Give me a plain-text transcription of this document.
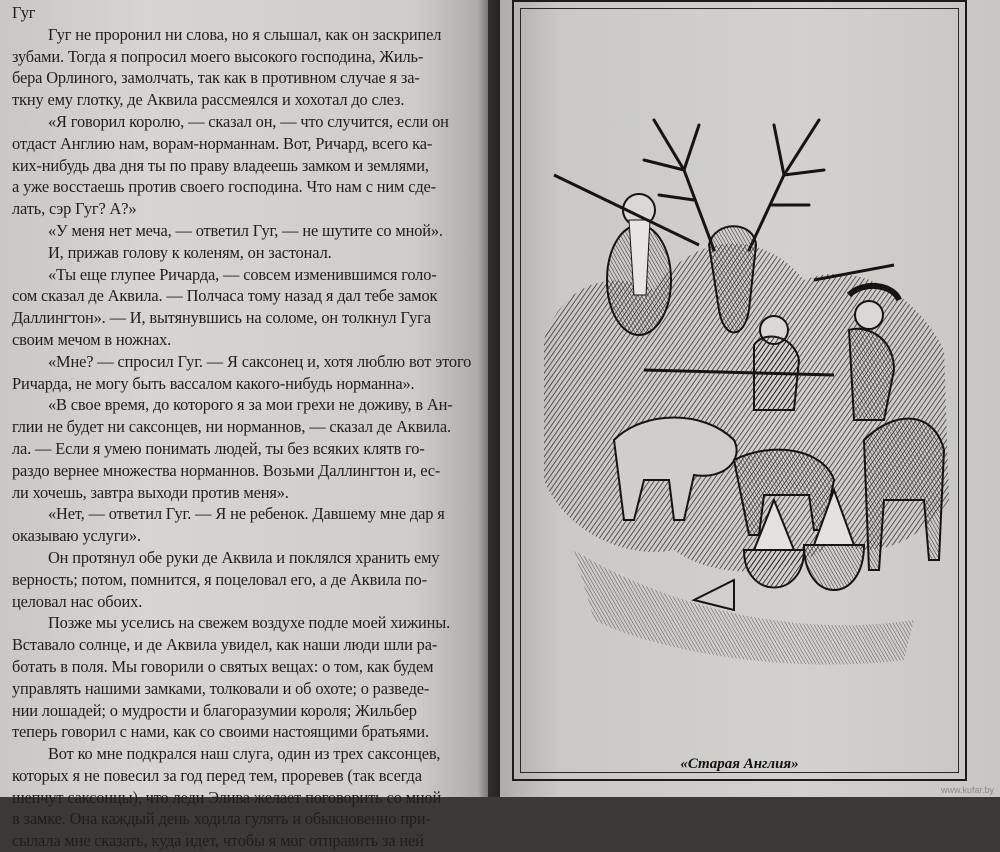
Гуг
Гуг не проронил ни слова, но я слышал, как он заскрипел
зубами. Тогда я попросил моего высокого господина, Жиль-
бера Орлиного, замолчать, так как в противном случае я за-
ткну ему глотку, де Аквила рассмеялся и хохотал до слез.
«Я говорил королю, — сказал он, — что случится, если он
отдаст Англию нам, ворам-норманнам. Вот, Ричард, всего ка-
ких-нибудь два дня ты по праву владеешь замком и землями,
а уже восстаешь против своего господина. Что нам с ним сде-
лать, сэр Гуг? А?»
«У меня нет меча, — ответил Гуг, — не шутите со мной».
И, прижав голову к коленям, он застонал.
«Ты еще глупее Ричарда, — совсем изменившимся голо-
сом сказал де Аквила. — Полчаса тому назад я дал тебе замок
Даллингтон». — И, вытянувшись на соломе, он толкнул Гуга
своим мечом в ножнах.
«Мне? — спросил Гуг. — Я саксонец и, хотя люблю вот этого
Ричарда, не могу быть вассалом какого-нибудь норманна».
«В свое время, до которого я за мои грехи не доживу, в Ан-
глии не будет ни саксонцев, ни норманнов, — сказал де Аквила.
ла. — Если я умею понимать людей, ты без всяких клятв го-
раздо вернее множества норманнов. Возьми Даллингтон и, ес-
ли хочешь, завтра выходи против меня».
«Нет, — ответил Гуг. — Я не ребенок. Давшему мне дар я
оказываю услуги».
Он протянул обе руки де Аквила и поклялся хранить ему
верность; потом, помнится, я поцеловал его, а де Аквила по-
целовал нас обоих.
Позже мы уселись на свежем воздухе подле моей хижины.
Вставало солнце, и де Аквила увидел, как наши люди шли ра-
ботать в поля. Мы говорили о святых вещах: о том, как будем
управлять нашими замками, толковали и об охоте; о разведе-
нии лошадей; о мудрости и благоразумии короля; Жильбер
теперь говорил с нами, как со своими настоящими братьями.
Вот ко мне подкрался наш слуга, один из трех саксонцев,
которых я не повесил за год перед тем, проревев (так всегда
шепчут саксонцы), что леди Элива желает поговорить со мной
в замке. Она каждый день ходила гулять и обыкновенно при-
сылала мне сказать, куда идет, чтобы я мог отправить за ней
«Старая Англия»
www.kufar.by
